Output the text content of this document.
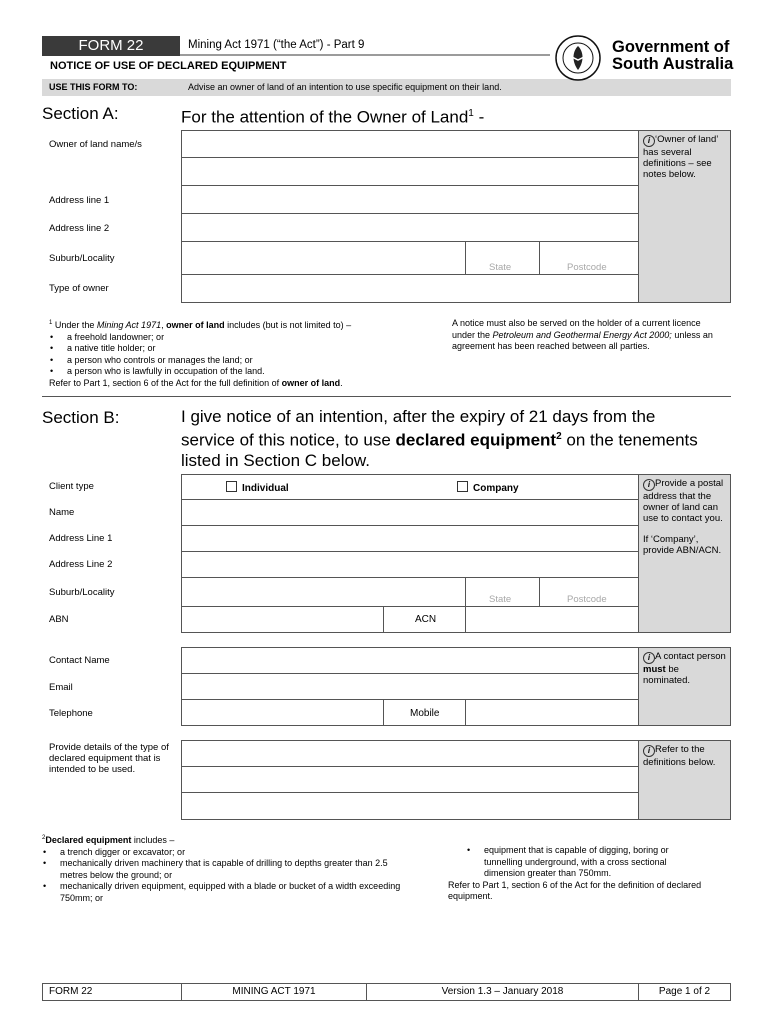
FORM 22	Mining Act 1971 (“the Act”) - Part 9
NOTICE OF USE OF DECLARED EQUIPMENT
USE THIS FORM TO:	Advise an owner of land of an intention to use specific equipment on their land.
Government of
South Australia
Section A:	For the attention of the Owner of Land$^1$ -
Owner of land name/s
Address line 1
Address line 2
Suburb/Locality
State	Postcode
Type of owner
i ‘Owner of land’ has several definitions – see notes below.
$^1$ Under the Mining Act 1971, owner of land includes (but is not limited to) –
• a freehold landowner; or
• a native title holder; or
• a person who controls or manages the land; or
• a person who is lawfully in occupation of the land.
Refer to Part 1, section 6 of the Act for the full definition of owner of land.
A notice must also be served on the holder of a current licence under the Petroleum and Geothermal Energy Act 2000; unless an agreement has been reached between all parties.
Section B:	I give notice of an intention, after the expiry of 21 days from the service of this notice, to use declared equipment$^2$ on the tenements listed in Section C below.
Client type	Individual	Company
Name
Address Line 1
Address Line 2
Suburb/Locality
State	Postcode
ABN	ACN
i Provide a postal address that the owner of land can use to contact you.
If ‘Company’, provide ABN/ACN.
Contact Name
Email
Telephone	Mobile
i A contact person must be nominated.
Provide details of the type of declared equipment that is intended to be used.
i Refer to the definitions below.
$^2$Declared equipment includes –
• a trench digger or excavator; or
• mechanically driven machinery that is capable of drilling to depths greater than 2.5 metres below the ground; or
• mechanically driven equipment, equipped with a blade or bucket of a width exceeding 750mm; or
• equipment that is capable of digging, boring or tunnelling underground, with a cross sectional dimension greater than 750mm.
Refer to Part 1, section 6 of the Act for the definition of declared equipment.
FORM 22	MINING ACT 1971	Version 1.3 – January 2018	Page 1 of 2
